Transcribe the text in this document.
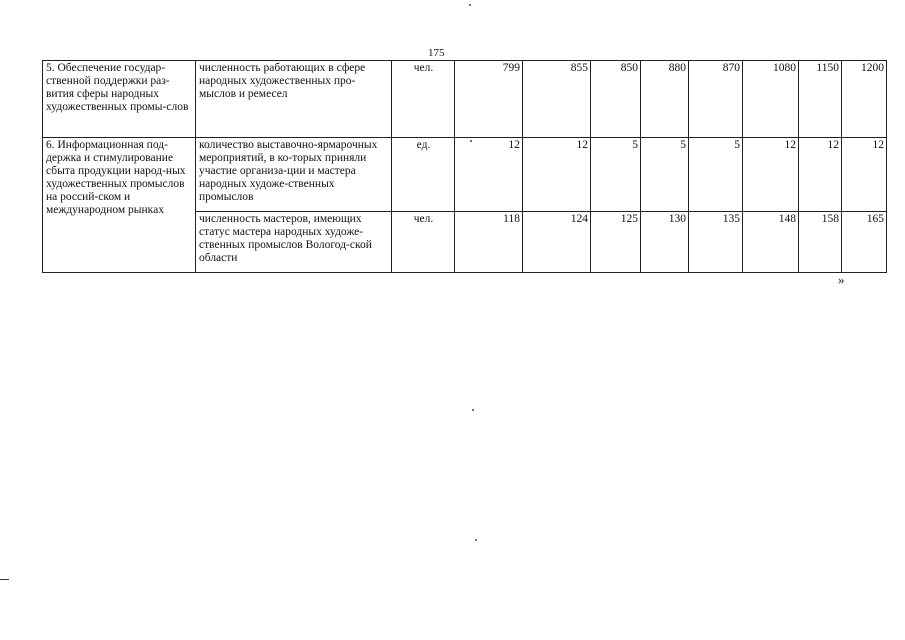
175
5. Обеспечение государ-ственной поддержки раз-вития сферы народных художественных промы-слов	численность работающих в сфере народных художественных про-мыслов и ремесел	чел.	799	855	850	880	870	1080	1150	1200
6. Информационная под-держка и стимулирование сбыта продукции народ-ных художественных промыслов на россий-ском и международном рынках	количество выставочно-ярмарочных мероприятий, в ко-торых приняли участие организа-ции и мастера народных художе-ственных промыслов	ед.	12	12	5	5	5	12	12	12
	численность мастеров, имеющих статус мастера народных художе-ственных промыслов Вологод-ской области	чел.	118	124	125	130	135	148	158	165
»
